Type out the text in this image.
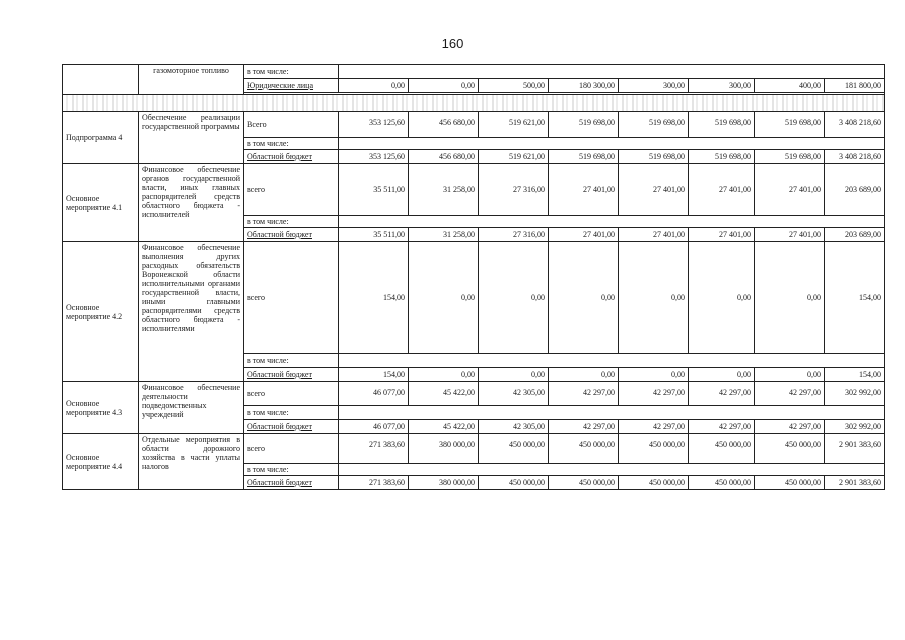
160
	газомоторное топливо	в том числе:								
		Юридические лица	0,00	0,00	500,00	180 300,00	300,00	300,00	400,00	181 800,00

Подпрограмма 4	Обеспечение реализации государственной программы	Всего	353 125,60	456 680,00	519 621,00	519 698,00	519 698,00	519 698,00	519 698,00	3 408 218,60
		в том числе:								
		Областной бюджет	353 125,60	456 680,00	519 621,00	519 698,00	519 698,00	519 698,00	519 698,00	3 408 218,60
Основное мероприятие 4.1	Финансовое обеспечение органов государственной власти, иных главных распорядителей средств областного бюджета - исполнителей	всего	35 511,00	31 258,00	27 316,00	27 401,00	27 401,00	27 401,00	27 401,00	203 689,00
		в том числе:								
		Областной бюджет	35 511,00	31 258,00	27 316,00	27 401,00	27 401,00	27 401,00	27 401,00	203 689,00
Основное мероприятие 4.2	Финансовое обеспечение выполнения других расходных обязательств Воронежской области исполнительными органами государственной власти, иными главными распорядителями средств областного бюджета - исполнителями	всего	154,00	0,00	0,00	0,00	0,00	0,00	0,00	154,00
		в том числе:								
		Областной бюджет	154,00	0,00	0,00	0,00	0,00	0,00	0,00	154,00
Основное мероприятие 4.3	Финансовое обеспечение деятельности подведомственных учреждений	всего	46 077,00	45 422,00	42 305,00	42 297,00	42 297,00	42 297,00	42 297,00	302 992,00
		в том числе:								
		Областной бюджет	46 077,00	45 422,00	42 305,00	42 297,00	42 297,00	42 297,00	42 297,00	302 992,00
Основное мероприятие 4.4	Отдельные мероприятия в области дорожного хозяйства в части уплаты налогов	всего	271 383,60	380 000,00	450 000,00	450 000,00	450 000,00	450 000,00	450 000,00	2 901 383,60
		в том числе:								
		Областной бюджет	271 383,60	380 000,00	450 000,00	450 000,00	450 000,00	450 000,00	450 000,00	2 901 383,60
